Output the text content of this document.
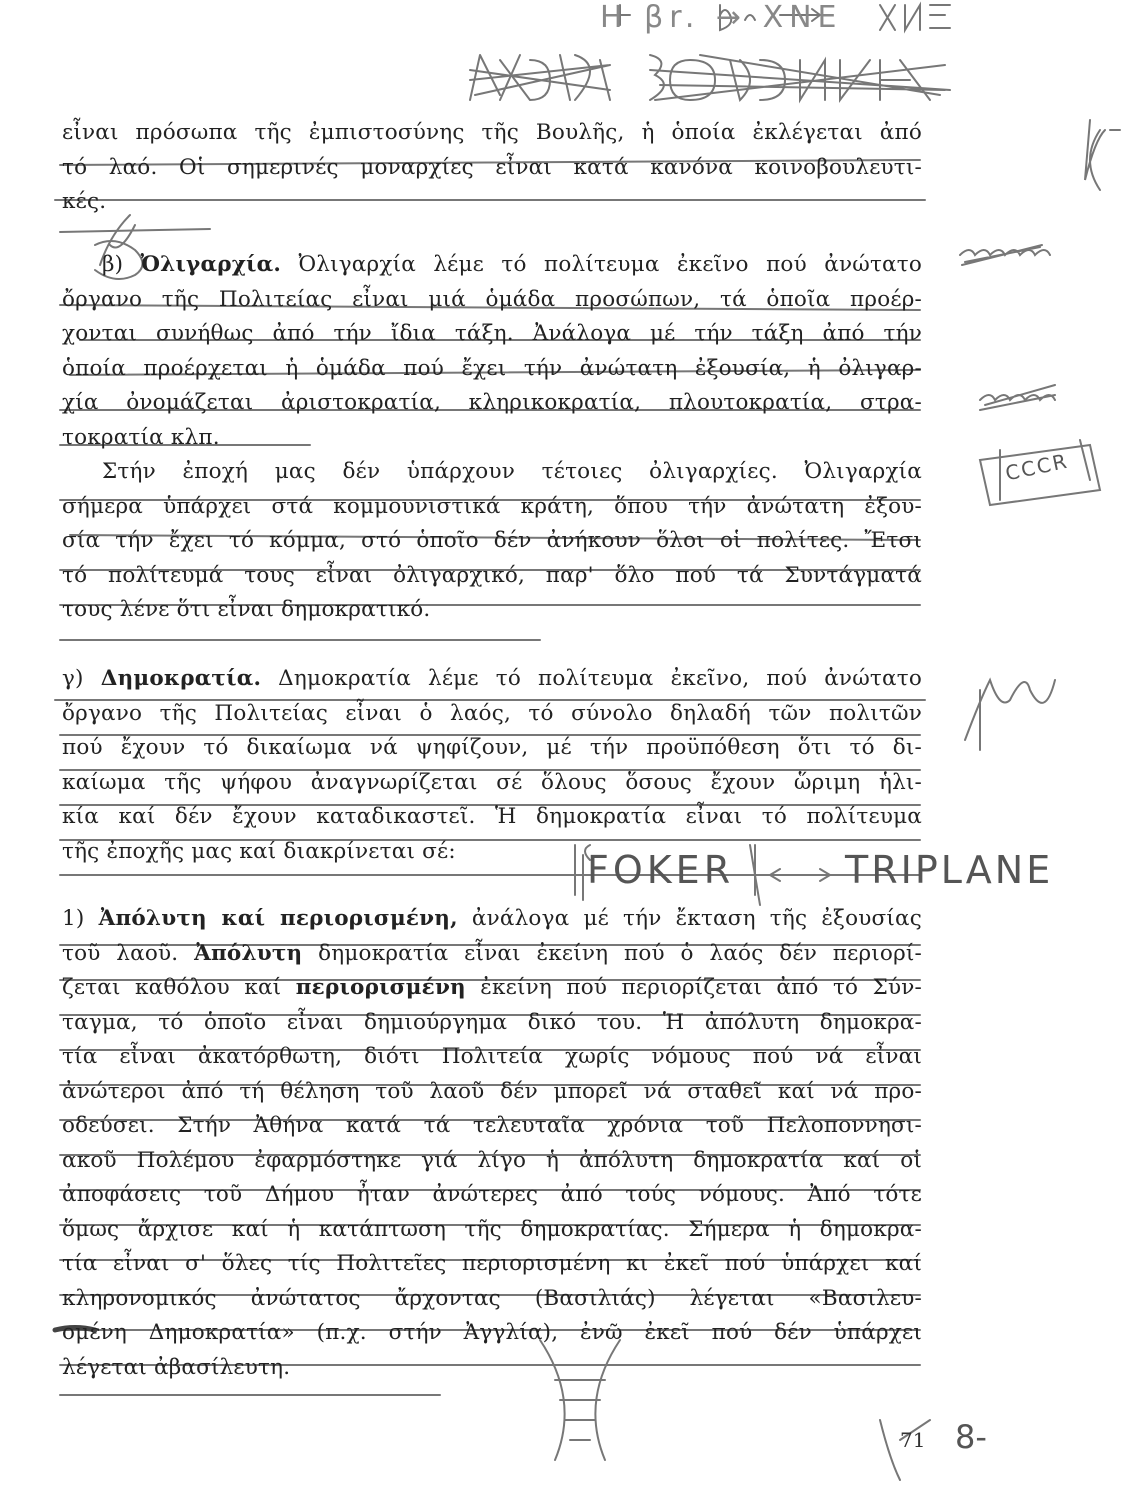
H βr. → ΧΝΕ
FOKER	TRIPLANE
CCCR
8-
εἶναι πρόσωπα τῆς ἐμπιστοσύνης τῆς Βουλῆς, ἡ ὁποία ἐκλέγεται ἀπό
τό λαό. Οἱ σημερινές μοναρχίες εἶναι κατά κανόνα κοινοβουλευτι-
κές.
β) Ὀλιγαρχία. Ὀλιγαρχία λέμε τό πολίτευμα ἐκεῖνο πού ἀνώτατο
ὄργανο τῆς Πολιτείας εἶναι μιά ὁμάδα προσώπων, τά ὁποῖα προέρ-
χονται συνήθως ἀπό τήν ἴδια τάξη. Ἀνάλογα μέ τήν τάξη ἀπό τήν
ὁποία προέρχεται ἡ ὁμάδα πού ἔχει τήν ἀνώτατη ἐξουσία, ἡ ὀλιγαρ-
χία ὀνομάζεται ἀριστοκρατία, κληρικοκρατία, πλουτοκρατία, στρα-
τοκρατία κλπ.
Στήν ἐποχή μας δέν ὑπάρχουν τέτοιες ὀλιγαρχίες. Ὀλιγαρχία
σήμερα ὑπάρχει στά κομμουνιστικά κράτη, ὅπου τήν ἀνώτατη ἐξου-
σία τήν ἔχει τό κόμμα, στό ὁποῖο δέν ἀνήκουν ὅλοι οἱ πολίτες. Ἔτσι
τό πολίτευμά τους εἶναι ὀλιγαρχικό, παρ' ὅλο πού τά Συντάγματά
τους λένε ὅτι εἶναι δημοκρατικό.
γ) Δημοκρατία. Δημοκρατία λέμε τό πολίτευμα ἐκεῖνο, πού ἀνώτατο
ὄργανο τῆς Πολιτείας εἶναι ὁ λαός, τό σύνολο δηλαδή τῶν πολιτῶν
πού ἔχουν τό δικαίωμα νά ψηφίζουν, μέ τήν προϋπόθεση ὅτι τό δι-
καίωμα τῆς ψήφου ἀναγνωρίζεται σέ ὅλους ὅσους ἔχουν ὥριμη ἡλι-
κία καί δέν ἔχουν καταδικαστεῖ. Ἡ δημοκρατία εἶναι τό πολίτευμα
τῆς ἐποχῆς μας καί διακρίνεται σέ:
1) Ἀπόλυτη καί περιορισμένη, ἀνάλογα μέ τήν ἔκταση τῆς ἐξουσίας
τοῦ λαοῦ. Ἀπόλυτη δημοκρατία εἶναι ἐκείνη πού ὁ λαός δέν περιορί-
ζεται καθόλου καί περιορισμένη ἐκείνη πού περιορίζεται ἀπό τό Σύν-
ταγμα, τό ὁποῖο εἶναι δημιούργημα δικό του. Ἡ ἀπόλυτη δημοκρα-
τία εἶναι ἀκατόρθωτη, διότι Πολιτεία χωρίς νόμους πού νά εἶναι
ἀνώτεροι ἀπό τή θέληση τοῦ λαοῦ δέν μπορεῖ νά σταθεῖ καί νά προ-
οδεύσει. Στήν Ἀθήνα κατά τά τελευταῖα χρόνια τοῦ Πελοποννησι-
ακοῦ Πολέμου ἐφαρμόστηκε γιά λίγο ἡ ἀπόλυτη δημοκρατία καί οἱ
ἀποφάσεις τοῦ Δήμου ἦταν ἀνώτερες ἀπό τούς νόμους. Ἀπό τότε
ὅμως ἄρχισε καί ἡ κατάπτωση τῆς δημοκρατίας. Σήμερα ἡ δημοκρα-
τία εἶναι σ' ὅλες τίς Πολιτεῖες περιορισμένη κι ἐκεῖ πού ὑπάρχει καί
κληρονομικός ἀνώτατος ἄρχοντας (Βασιλιάς) λέγεται «Βασιλευ-
ομένη Δημοκρατία» (π.χ. στήν Ἀγγλία), ἐνῶ ἐκεῖ πού δέν ὑπάρχει
λέγεται ἀβασίλευτη.
71
